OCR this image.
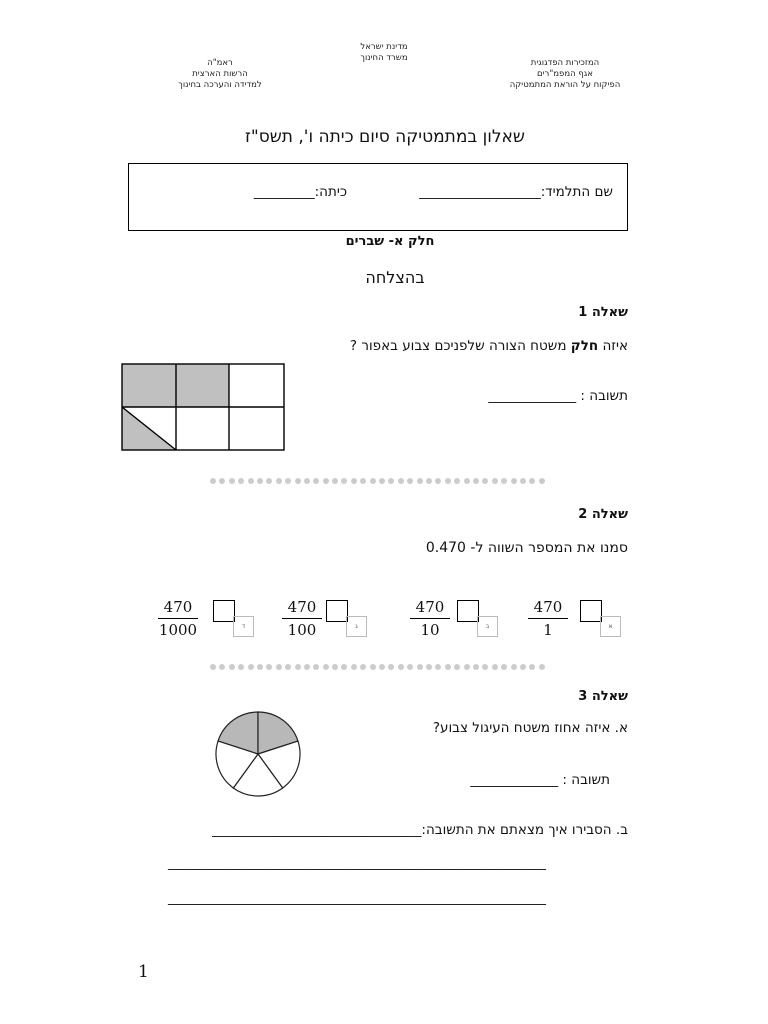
מדינת ישראל
משרד החינוך	המזכירות הפדגוגית
אגף המפמ"רים
הפיקוח על הוראת המתמטיקה
ראמ"ה
הרשות הארצית
למדידה והערכה בחינוך
שאלון במתמטיקה סיום כיתה ו', תשס"ז
שם התלמיד:__________________
כיתה:_________
חלק א- שברים
בהצלחה
שאלה 1
איזה חלק משטח הצורה שלפניכם צבוע באפור ?
תשובה : _____________
שאלה 2
סמנו את המספר השווה ל- 0.470
$\frac{470}{1}$	א
$\frac{470}{10}$	ב
$\frac{470}{100}$	ג
$\frac{470}{1000}$	ד
שאלה 3
א. איזה אחוז משטח העיגול צבוע?
תשובה : _____________
ב. הסבירו איך מצאתם את התשובה:_______________________________
________________________________________________________
________________________________________________________
1
